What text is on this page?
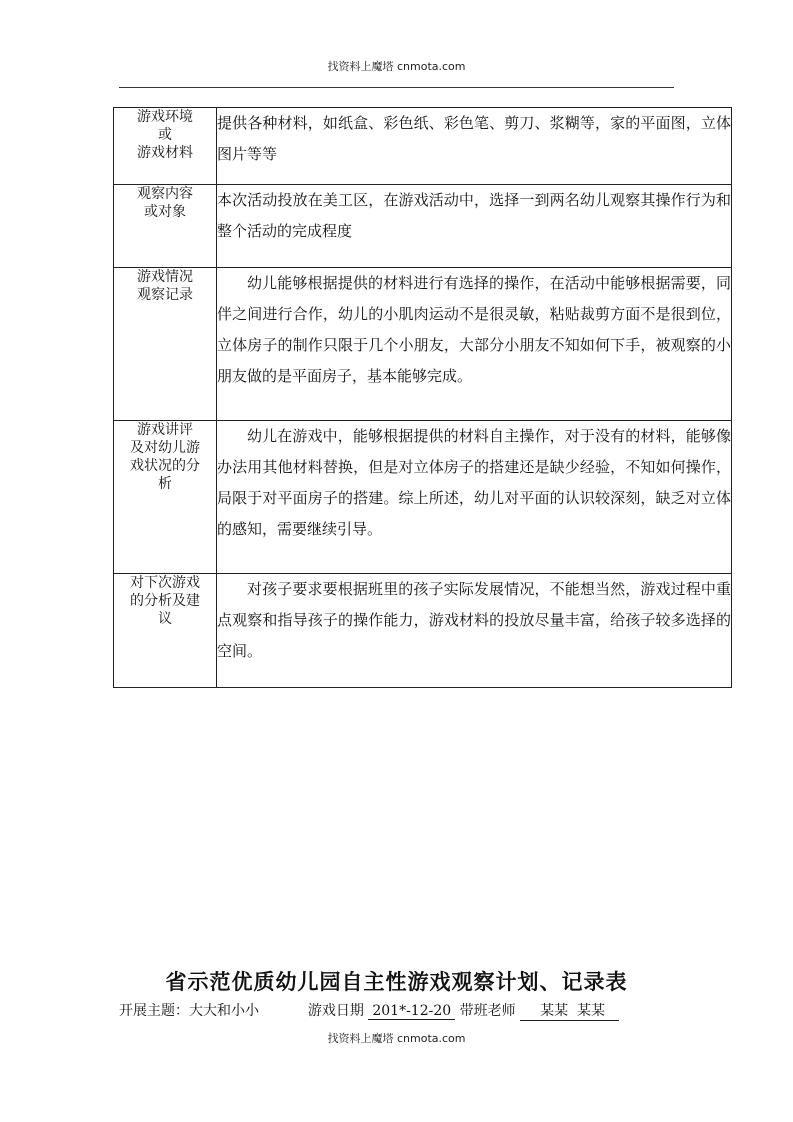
找资料上魔塔 cnmota.com
游戏环境
或
游戏材料	提供各种材料，如纸盒、彩色纸、彩色笔、剪刀、浆糊等，家的平面图，立体图片等等

观察内容
或对象	本次活动投放在美工区，在游戏活动中，选择一到两名幼儿观察其操作行为和整个活动的完成程度

游戏情况
观察记录	幼儿能够根据提供的材料进行有选择的操作，在活动中能够根据需要，同伴之间进行合作，幼儿的小肌肉运动不是很灵敏，粘贴裁剪方面不是很到位，立体房子的制作只限于几个小朋友，大部分小朋友不知如何下手，被观察的小朋友做的是平面房子，基本能够完成。

游戏讲评
及对幼儿游
戏状况的分
析	幼儿在游戏中，能够根据提供的材料自主操作，对于没有的材料，能够像办法用其他材料替换，但是对立体房子的搭建还是缺少经验，不知如何操作，局限于对平面房子的搭建。综上所述，幼儿对平面的认识较深刻，缺乏对立体的感知，需要继续引导。

对下次游戏
的分析及建
议	对孩子要求要根据班里的孩子实际发展情况，不能想当然，游戏过程中重点观察和指导孩子的操作能力，游戏材料的投放尽量丰富，给孩子较多选择的空间。
省示范优质幼儿园自主性游戏观察计划、记录表
开展主题：大大和小小	游戏日期 201*-12-20 带班老师 某某  某某
找资料上魔塔 cnmota.com
